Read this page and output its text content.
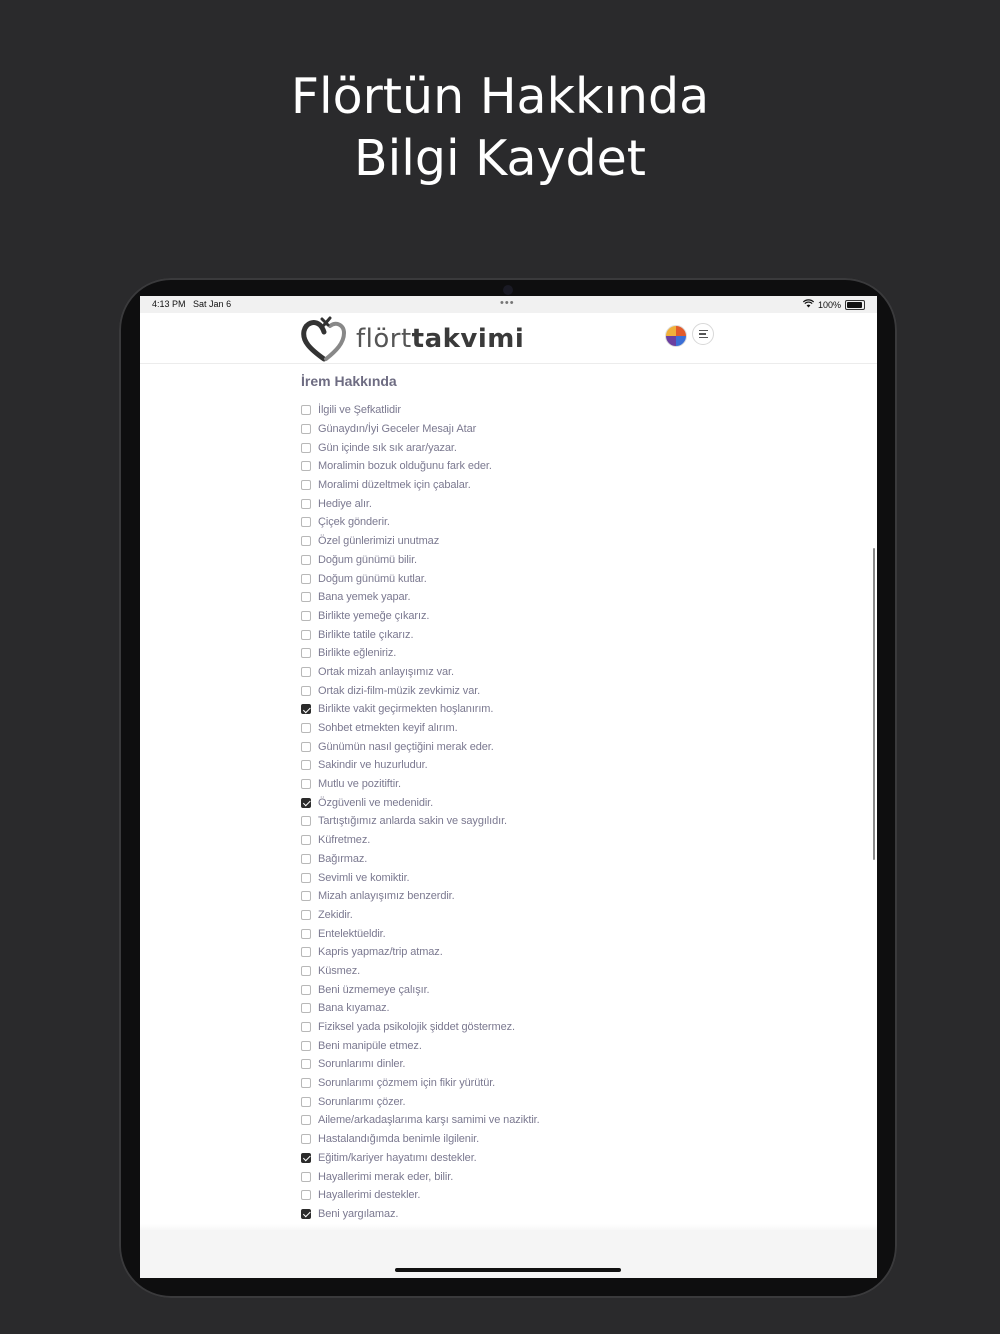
Flörtün Hakkında
Bilgi Kaydet
4:13 PM Sat Jan 6	•••	100%
flörttakvimi
İrem Hakkında
İlgili ve Şefkatlidir
Günaydın/İyi Geceler Mesajı Atar
Gün içinde sık sık arar/yazar.
Moralimin bozuk olduğunu fark eder.
Moralimi düzeltmek için çabalar.
Hediye alır.
Çiçek gönderir.
Özel günlerimizi unutmaz
Doğum günümü bilir.
Doğum günümü kutlar.
Bana yemek yapar.
Birlikte yemeğe çıkarız.
Birlikte tatile çıkarız.
Birlikte eğleniriz.
Ortak mizah anlayışımız var.
Ortak dizi-film-müzik zevkimiz var.
Birlikte vakit geçirmekten hoşlanırım.
Sohbet etmekten keyif alırım.
Günümün nasıl geçtiğini merak eder.
Sakindir ve huzurludur.
Mutlu ve pozitiftir.
Özgüvenli ve medenidir.
Tartıştığımız anlarda sakin ve saygılıdır.
Küfretmez.
Bağırmaz.
Sevimli ve komiktir.
Mizah anlayışımız benzerdir.
Zekidir.
Entelektüeldir.
Kapris yapmaz/trip atmaz.
Küsmez.
Beni üzmemeye çalışır.
Bana kıyamaz.
Fiziksel yada psikolojik şiddet göstermez.
Beni manipüle etmez.
Sorunlarımı dinler.
Sorunlarımı çözmem için fikir yürütür.
Sorunlarımı çözer.
Aileme/arkadaşlarıma karşı samimi ve naziktir.
Hastalandığımda benimle ilgilenir.
Eğitim/kariyer hayatımı destekler.
Hayallerimi merak eder, bilir.
Hayallerimi destekler.
Beni yargılamaz.
